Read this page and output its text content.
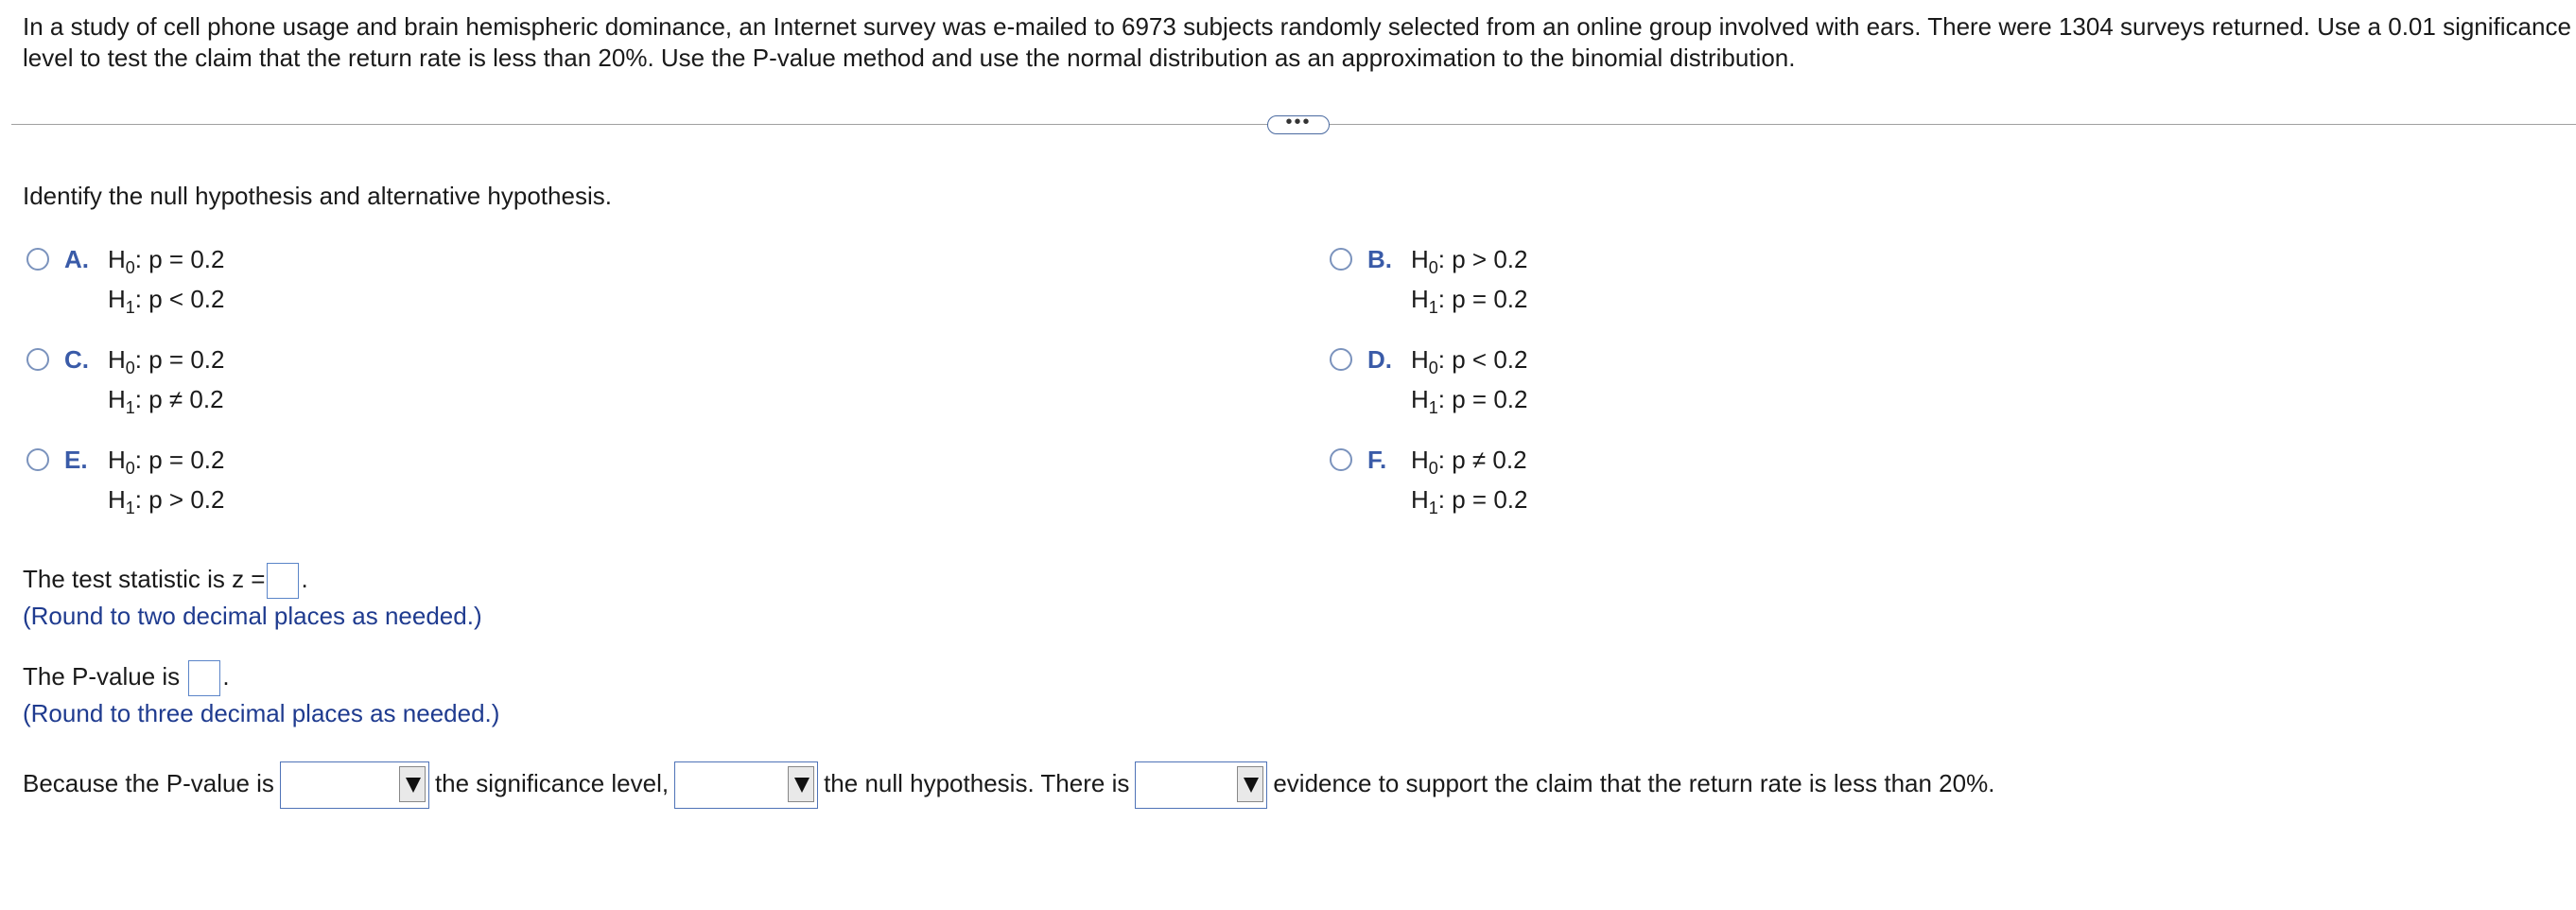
In a study of cell phone usage and brain hemispheric dominance, an Internet survey was e-mailed to 6973 subjects randomly selected from an online group involved with ears. There were 1304 surveys returned. Use a 0.01 significance
level to test the claim that the return rate is less than 20%. Use the P-value method and use the normal distribution as an approximation to the binomial distribution.
•••
Identify the null hypothesis and alternative hypothesis.
A. $H_0$: p = 0.2
$H_1$: p < 0.2
B. $H_0$: p > 0.2
$H_1$: p = 0.2
C. $H_0$: p = 0.2
$H_1$: p ≠ 0.2
D. $H_0$: p < 0.2
$H_1$: p = 0.2
E. $H_0$: p = 0.2
$H_1$: p > 0.2
F. $H_0$: p ≠ 0.2
$H_1$: p = 0.2
The test statistic is z = .
(Round to two decimal places as needed.)
The P-value is .
(Round to three decimal places as needed.)
Because the P-value is	the significance level,	the null hypothesis. There is	evidence to support the claim that the return rate is less than 20%.
